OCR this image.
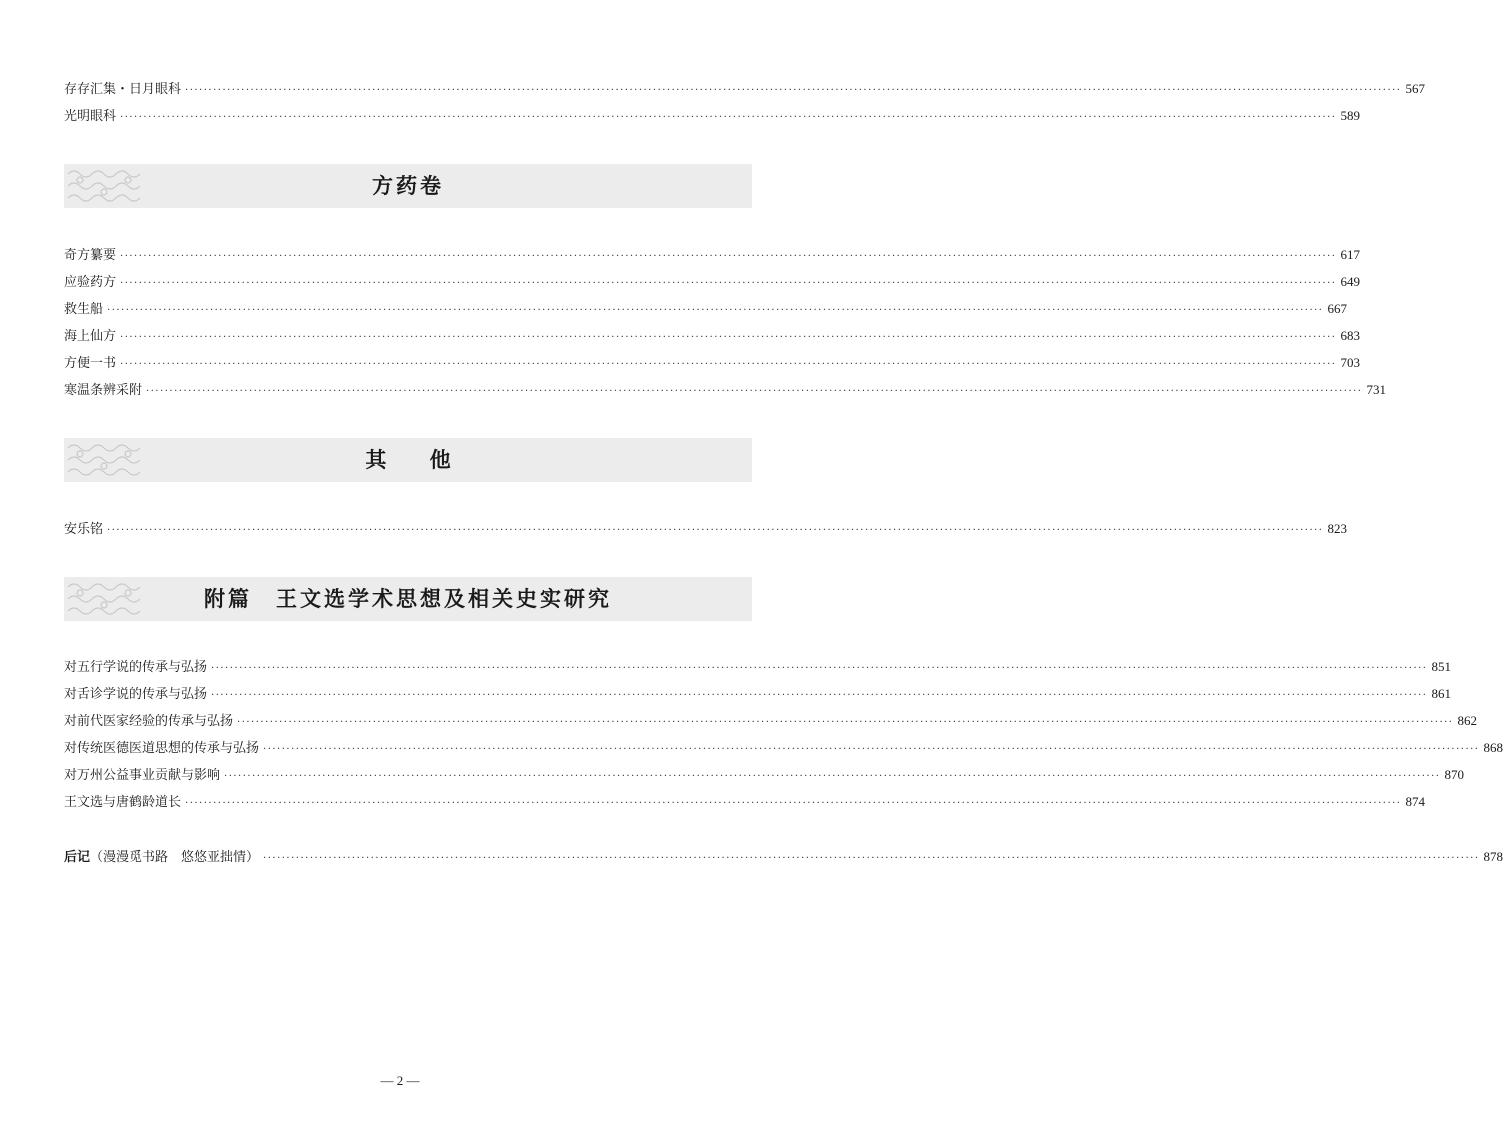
存存汇集・日月眼科 ···································································································································································································································································· 567
光明眼科 ···································································································································································································································································· 589
方药卷
奇方纂要 ···································································································································································································································································· 617
应验药方 ···································································································································································································································································· 649
救生船 ···································································································································································································································································· 667
海上仙方 ···································································································································································································································································· 683
方便一书 ···································································································································································································································································· 703
寒温条辨采附 ···································································································································································································································································· 731
其 他
安乐铭 ···································································································································································································································································· 823
附篇　王文选学术思想及相关史实研究
对五行学说的传承与弘扬 ···································································································································································································································································· 851
对舌诊学说的传承与弘扬 ···································································································································································································································································· 861
对前代医家经验的传承与弘扬 ···································································································································································································································································· 862
对传统医德医道思想的传承与弘扬 ···································································································································································································································································· 868
对万州公益事业贡献与影响 ···································································································································································································································································· 870
王文选与唐鹤龄道长 ···································································································································································································································································· 874
后记（漫漫觅书路　悠悠亚拙情） ···································································································································································································································································· 878
— 2 —
